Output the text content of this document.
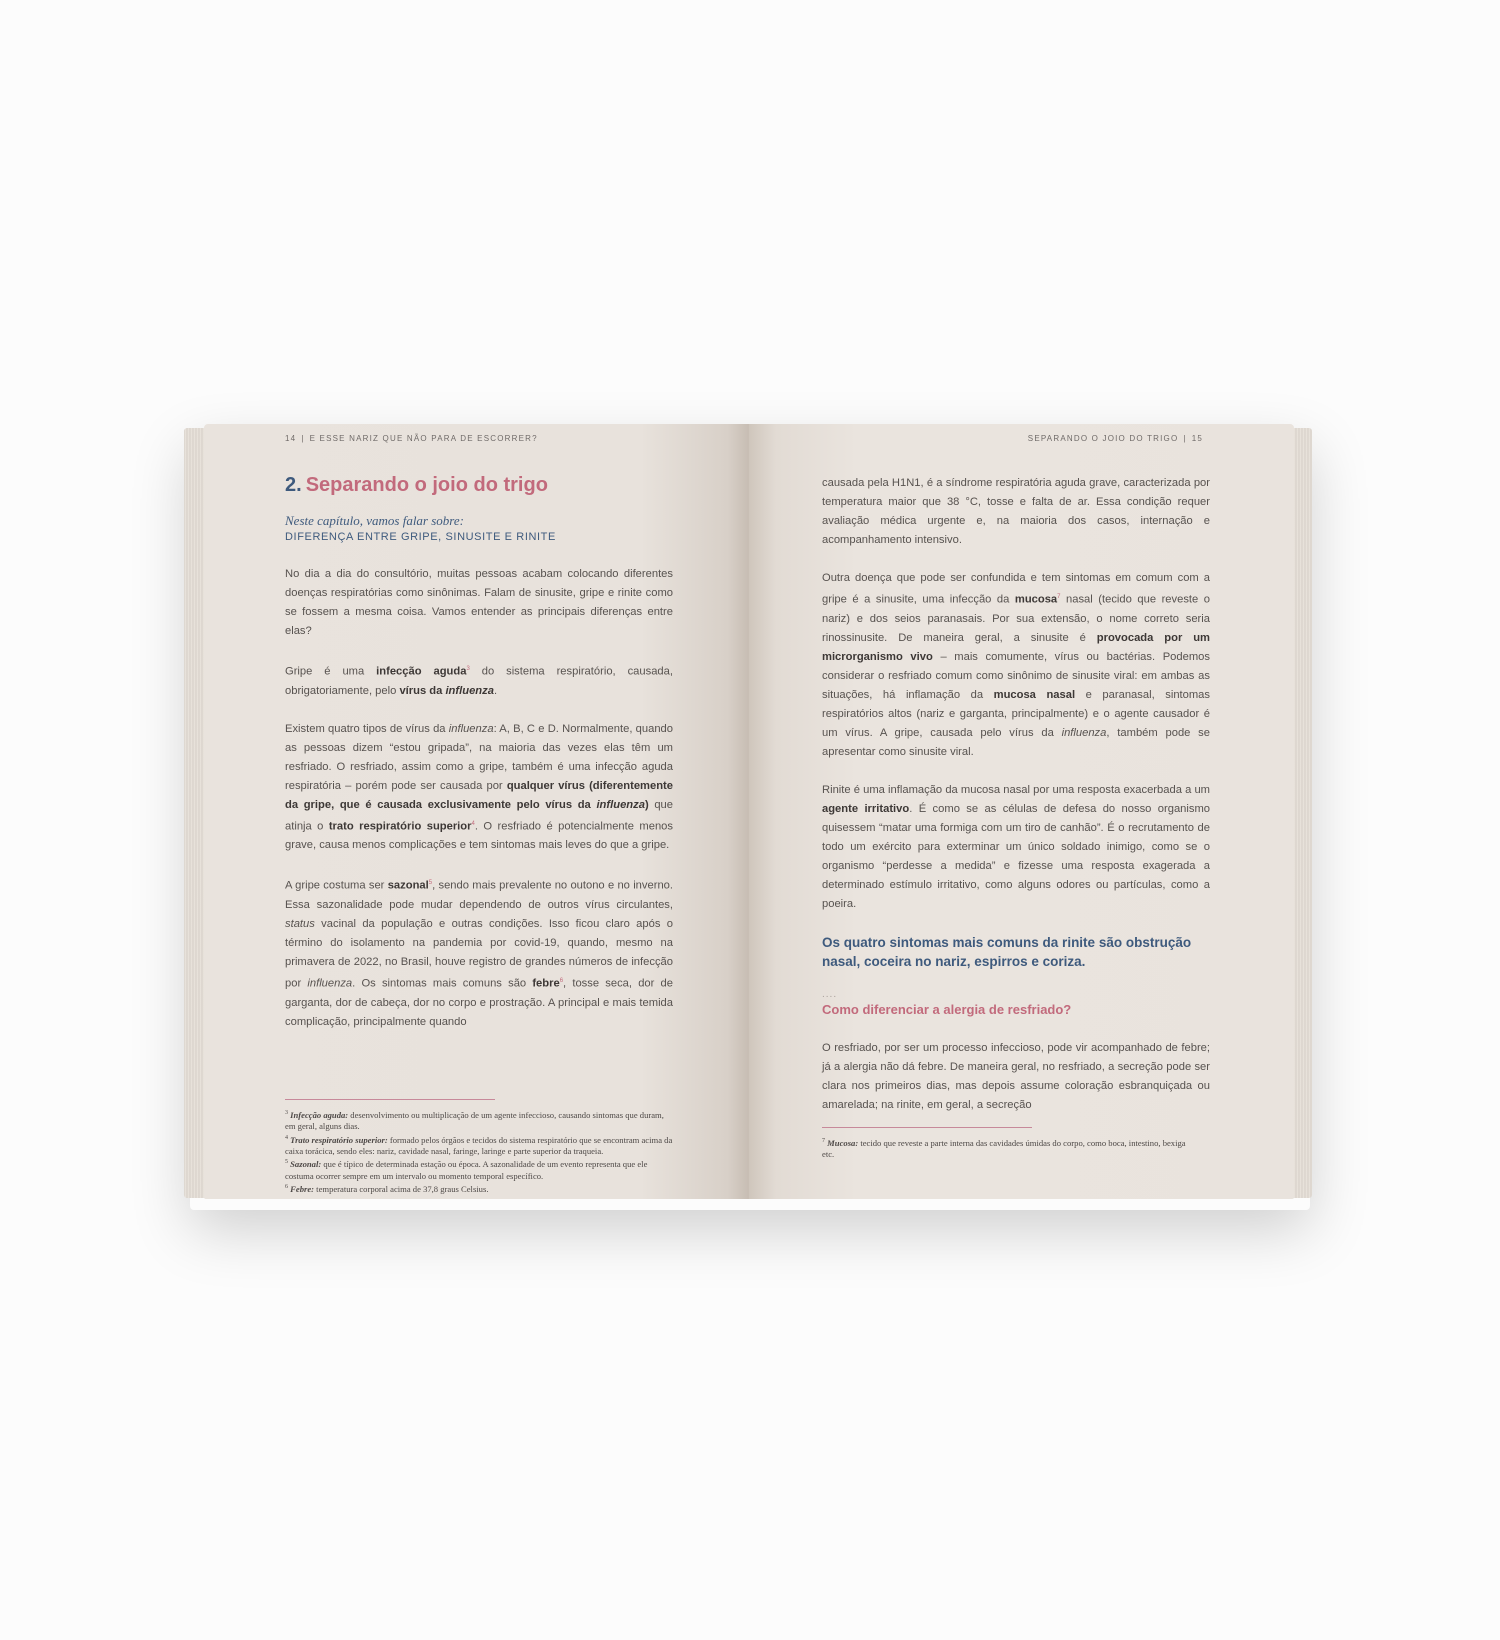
14 | E ESSE NARIZ QUE NÃO PARA DE ESCORRER?
2. Separando o joio do trigo

Neste capítulo, vamos falar sobre:

DIFERENÇA ENTRE GRIPE, SINUSITE E RINITE

No dia a dia do consultório, muitas pessoas acabam colocando diferentes doenças respiratórias como sinônimas. Falam de sinusite, gripe e rinite como se fossem a mesma coisa. Vamos entender as principais diferenças entre elas?

Gripe é uma infecção aguda$^3$ do sistema respiratório, causada, obrigatoriamente, pelo vírus da influenza.

Existem quatro tipos de vírus da influenza: A, B, C e D. Normalmente, quando as pessoas dizem “estou gripada”, na maioria das vezes elas têm um resfriado. O resfriado, assim como a gripe, também é uma infecção aguda respiratória – porém pode ser causada por qualquer vírus (diferentemente da gripe, que é causada exclusivamente pelo vírus da influenza) que atinja o trato respiratório superior$^4$. O resfriado é potencialmente menos grave, causa menos complicações e tem sintomas mais leves do que a gripe.

A gripe costuma ser sazonal$^5$, sendo mais prevalente no outono e no inverno. Essa sazonalidade pode mudar dependendo de outros vírus circulantes, status vacinal da população e outras condições. Isso ficou claro após o término do isolamento na pandemia por covid-19, quando, mesmo na primavera de 2022, no Brasil, houve registro de grandes números de infecção por influenza. Os sintomas mais comuns são febre$^6$, tosse seca, dor de garganta, dor de cabeça, dor no corpo e prostração. A principal e mais temida complicação, principalmente quando

$^3$ Infecção aguda: desenvolvimento ou multiplicação de um agente infeccioso, causando sintomas que duram, em geral, alguns dias.

$^4$ Trato respiratório superior: formado pelos órgãos e tecidos do sistema respiratório que se encontram acima da caixa torácica, sendo eles: nariz, cavidade nasal, faringe, laringe e parte superior da traqueia.

$^5$ Sazonal: que é típico de determinada estação ou época. A sazonalidade de um evento representa que ele costuma ocorrer sempre em um intervalo ou momento temporal específico.

$^6$ Febre: temperatura corporal acima de 37,8 graus Celsius.

SEPARANDO O JOIO DO TRIGO | 15

causada pela H1N1, é a síndrome respiratória aguda grave, caracterizada por temperatura maior que 38 °C, tosse e falta de ar. Essa condição requer avaliação médica urgente e, na maioria dos casos, internação e acompanhamento intensivo.

Outra doença que pode ser confundida e tem sintomas em comum com a gripe é a sinusite, uma infecção da mucosa$^7$ nasal (tecido que reveste o nariz) e dos seios paranasais. Por sua extensão, o nome correto seria rinossinusite. De maneira geral, a sinusite é provocada por um microrganismo vivo – mais comumente, vírus ou bactérias. Podemos considerar o resfriado comum como sinônimo de sinusite viral: em ambas as situações, há inflamação da mucosa nasal e paranasal, sintomas respiratórios altos (nariz e garganta, principalmente) e o agente causador é um vírus. A gripe, causada pelo vírus da influenza, também pode se apresentar como sinusite viral.

Rinite é uma inflamação da mucosa nasal por uma resposta exacerbada a um agente irritativo. É como se as células de defesa do nosso organismo quisessem “matar uma formiga com um tiro de canhão”. É o recrutamento de todo um exército para exterminar um único soldado inimigo, como se o organismo “perdesse a medida” e fizesse uma resposta exagerada a determinado estímulo irritativo, como alguns odores ou partículas, como a poeira.

Os quatro sintomas mais comuns da rinite são obstrução nasal, coceira no nariz, espirros e coriza.

....

Como diferenciar a alergia de resfriado?

O resfriado, por ser um processo infeccioso, pode vir acompanhado de febre; já a alergia não dá febre. De maneira geral, no resfriado, a secreção pode ser clara nos primeiros dias, mas depois assume coloração esbranquiçada ou amarelada; na rinite, em geral, a secreção

$^7$ Mucosa: tecido que reveste a parte interna das cavidades úmidas do corpo, como boca, intestino, bexiga etc.
